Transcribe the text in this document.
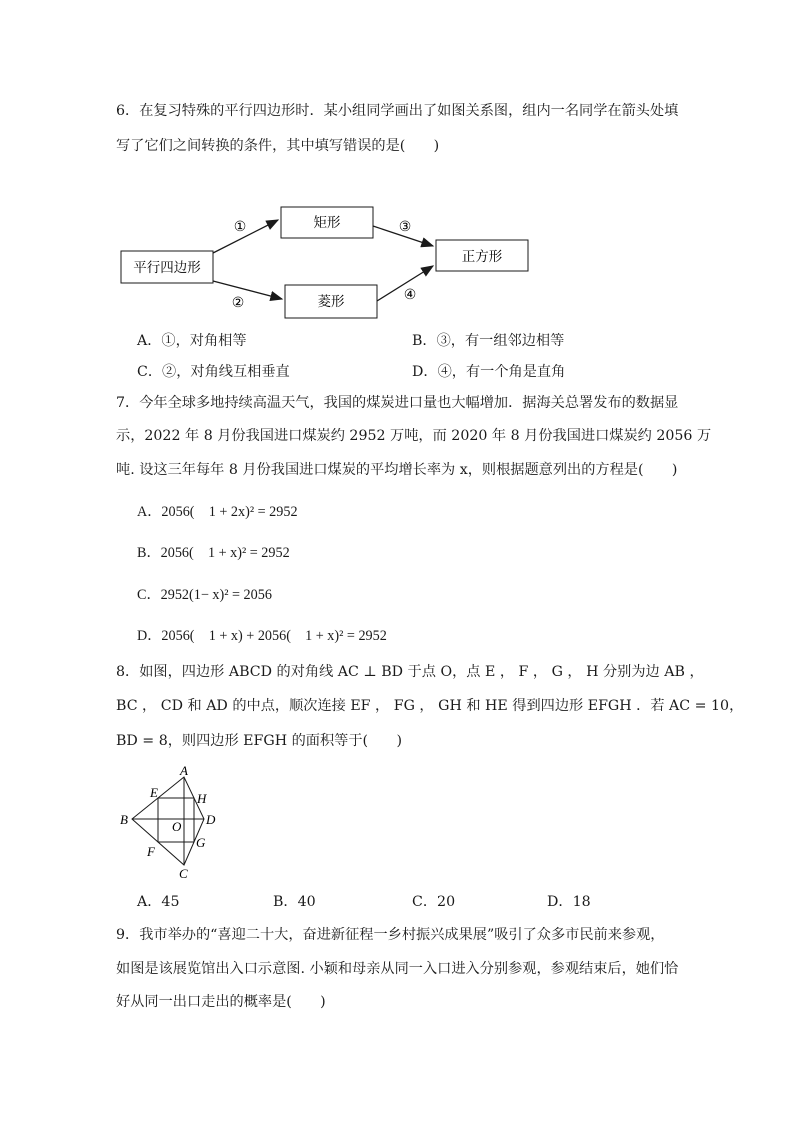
6．在复习特殊的平行四边形时．某小组同学画出了如图关系图，组内一名同学在箭头处填
写了它们之间转换的条件，其中填写错误的是(　　)
平行四边形
矩形
菱形
正方形
①
②
③
④
A．①，对角相等	B．③，有一组邻边相等
C．②，对角线互相垂直	D．④，有一个角是直角
7．今年全球多地持续高温天气，我国的煤炭进口量也大幅增加．据海关总署发布的数据显
示，2022 年 8 月份我国进口煤炭约 2952 万吨，而 2020 年 8 月份我国进口煤炭约 2056 万
吨. 设这三年每年 8 月份我国进口煤炭的平均增长率为 x，则根据题意列出的方程是(　　)
A．2056(　1 + 2x)² = 2952
B．2056(　1 + x)² = 2952
C．2952(1− x)² = 2056
D．2056(　1 + x) + 2056(　1 + x)² = 2952
8．如图，四边形 ABCD 的对角线 AC ⊥ BD 于点 O，点 E ， F ， G ， H 分别为边 AB ，
BC ， CD 和 AD 的中点，顺次连接 EF ， FG ， GH 和 HE 得到四边形 EFGH ．若 AC = 10，
BD = 8，则四边形 EFGH 的面积等于(　　)
A
B
C
D
E
F
G
H
O
A．45	B．40	C．20	D．18
9．我市举办的“喜迎二十大，奋进新征程一乡村振兴成果展”吸引了众多市民前来参观，
如图是该展览馆出入口示意图. 小颖和母亲从同一入口进入分别参观，参观结束后，她们恰
好从同一出口走出的概率是(　　)
